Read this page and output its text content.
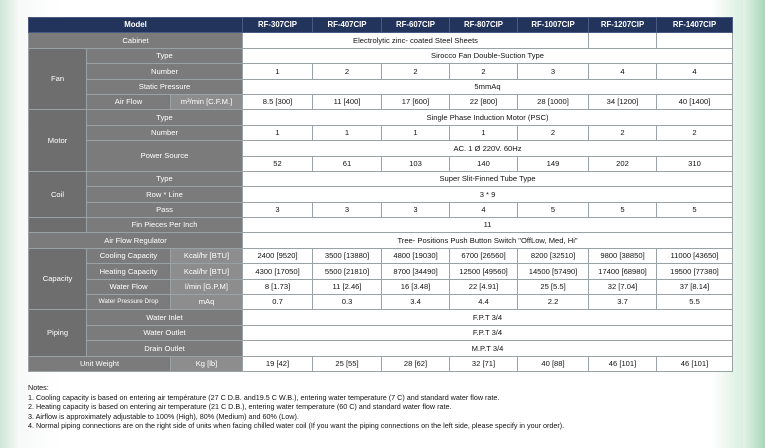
Model			RF-307CIP	RF-407CIP	RF-607CIP	RF-807CIP	RF-1007CIP	RF-1207CIP	RF-1407CIP
Cabinet			Electrolytic zinc- coated Steel Sheets						
Fan	Type		Sirocco Fan Double-Suction Type						
	Number		1	2	2	2	3	4	4
	Static Pressure		5mmAq						
	Air Flow	m³/min [C.F.M.]	8.5 [300]	11 [400]	17 [600]	22 [800]	28 [1000]	34 [1200]	40 [1400]
Motor	Type		Single Phase Induction Motor (PSC)						
	Number		1	1	1	1	2	2	2
	Power Source		AC. 1 Ø 220V. 60Hz						
			52	61	103	140	149	202	310
Coil	Type		Super Slit-Finned Tube Type						
	Row * Line		3 * 9						
	Pass		3	3	3	4	5	5	5
	Fin Pieces Per Inch		11						
Air Flow Regulator			Tree- Positions Push Button Switch "OffLow, Med, Hi"						
Capacity	Cooling Capacity	Kcal/hr [BTU]	2400 [9520]	3500 [13880]	4800 [19030]	6700 [26560]	8200 [32510]	9800 [38850]	11000 [43650]
	Heating Capacity	Kcal/hr [BTU]	4300 [17050]	5500 [21810]	8700 [34490]	12500 [49560]	14500 [57490]	17400 [68980]	19500 [77380]
	Water Flow	l/min [G.P.M]	8 [1.73]	11 [2.46]	16 [3.48]	22 [4.91]	25 [5.5]	32 [7.04]	37 [8.14]
	Water Pressure Drop	mAq	0.7	0.3	3.4	4.4	2.2	3.7	5.5
Piping	Water Inlet		F.P.T 3/4						
	Water Outlet		F.P.T 3/4						
	Drain Outlet		M.P.T 3/4						
Unit Weight		Kg [lb]	19 [42]	25 [55]	28 [62]	32 [71]	40 [88]	46 [101]	46 [101]
Notes:
1. Cooling capacity is based on entering air température (27 C D.B. and19.5 C W.B.), entering water temperature (7 C) and standard water flow rate.
2. Heating capacity is based on entering air temperature (21 C D.B.), entering water temperature (60 C) and standard water flow rate.
3. Airflow is approximately adjustable to 100% (High), 80% (Medium) and 60% (Low).
4. Normal piping connections are on the right side of units when facing chilled water coil (If you want the piping connections on the left side, please specify in your order).
